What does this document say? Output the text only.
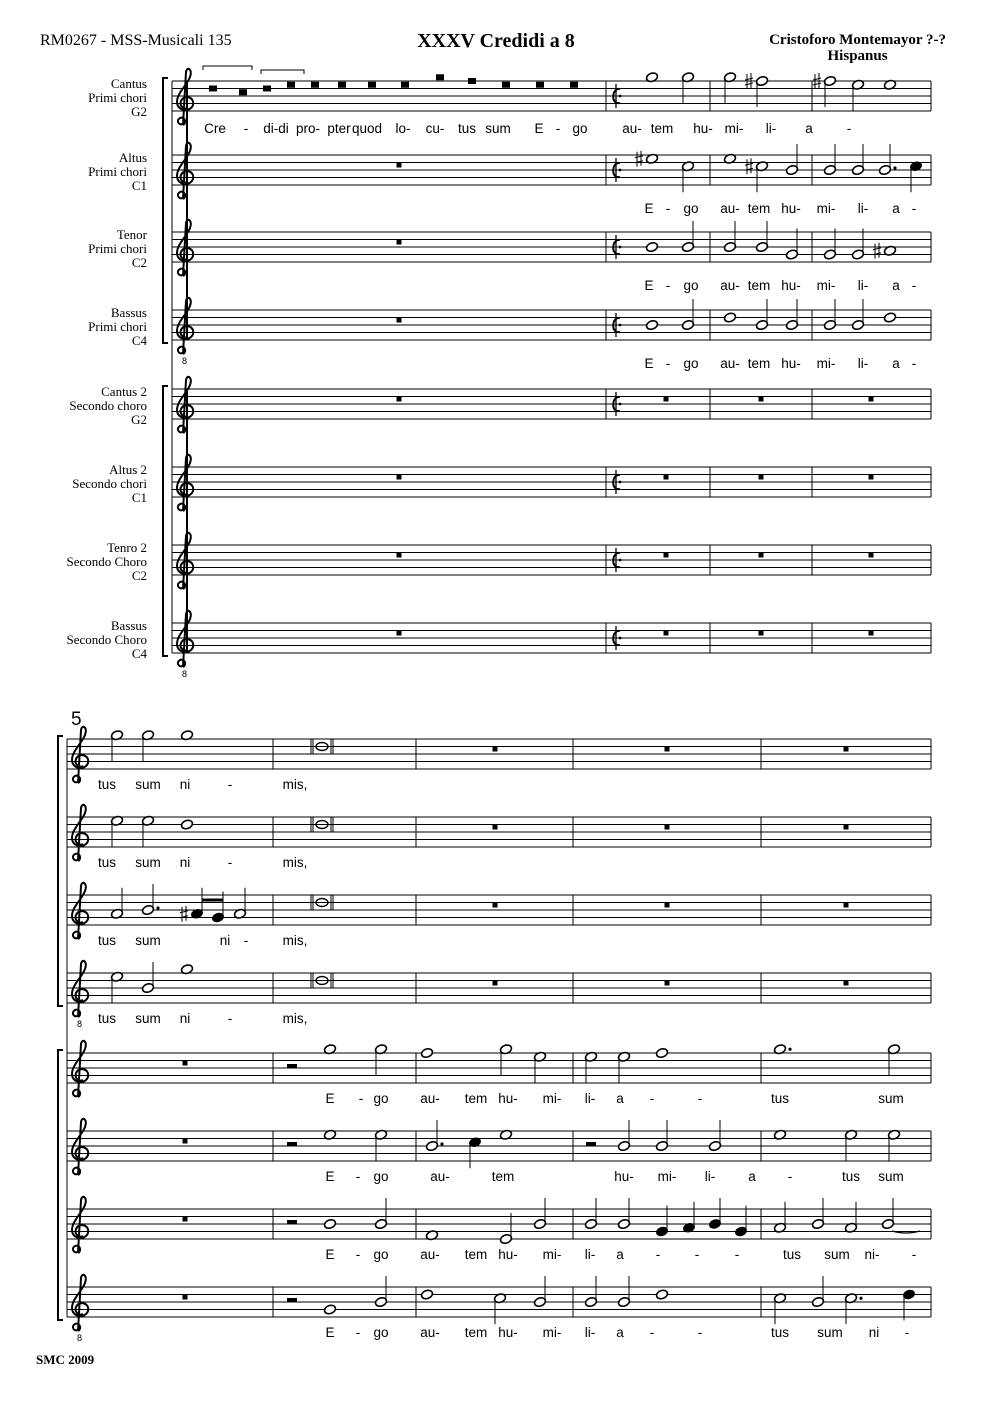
RM0267 - MSS-Musicali 135	XXXV Credidi a 8	Cristoforo Montemayor ?-?
Hispanus
SMC 2009
Cantus
Primi chori
G2
Cre - di-di pro- pter quod lo- cu- tus sum E - go	au- tem hu- mi- li- a	-
Altus
Primi chori
C1
E - go au- tem hu- mi- li- a -
Tenor
Primi chori
C2
E - go au- tem hu- mi- li- a -
8
Bassus
Primi chori
C4
E - go au- tem hu- mi- li- a -
Cantus 2
Secondo choro
G2
Altus 2
Secondo chori
C1
Tenro 2
Secondo Choro
C2
8
Bassus
Secondo Choro
C4
5
tus sum ni	-	mis,
tus sum ni	-	mis,
tus sum	ni -	mis,
8 tus sum ni	-	mis,
E - go au- tem hu- mi- li- a -	-	tus	sum
E - go	au-	tem	hu- mi- li- a -	tus sum
E - go au- tem hu- mi- li- a -	-	-	tus sum ni- -
8	E - go au- tem hu- mi- li- a -	-	tus sum ni -
